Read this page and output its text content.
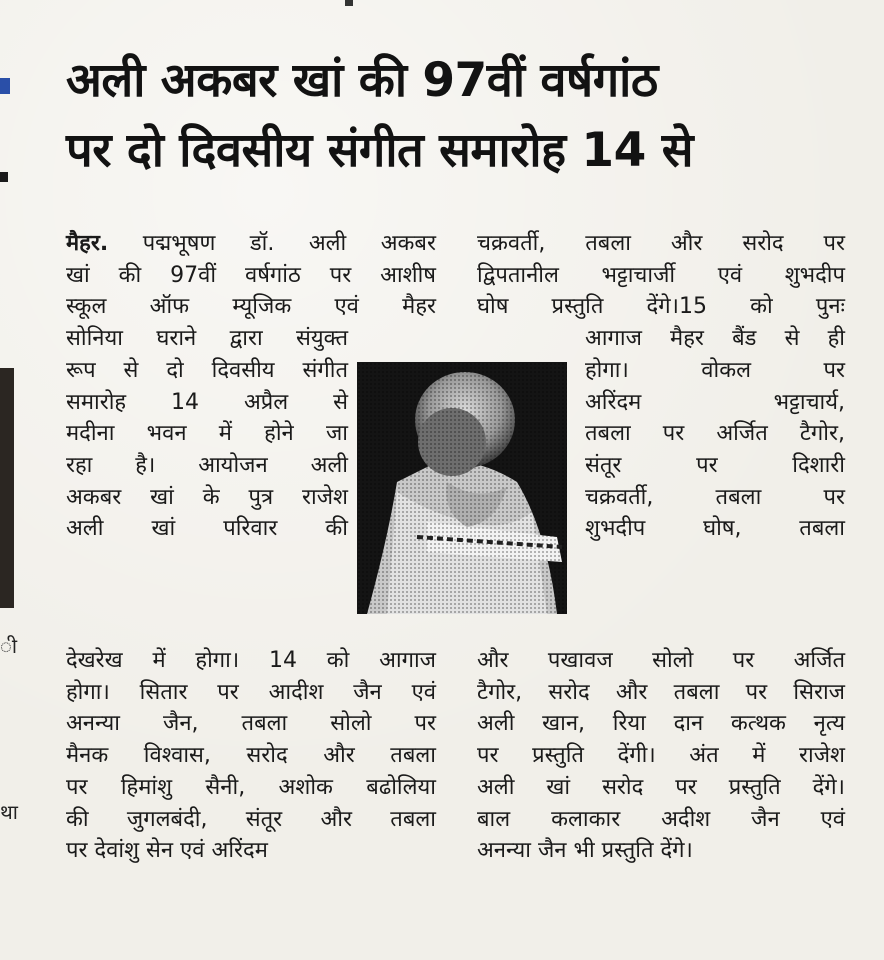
ी
था
अली अकबर खां की 97वीं वर्षगांठ
पर दो दिवसीय संगीत समारोह 14 से
मैहर. पद्मभूषण डॉ. अली अकबर
खां की 97वीं वर्षगांठ पर आशीष
स्कूल ऑफ म्यूजिक एवं मैहर
सोनिया घराने द्वारा संयुक्त
रूप से दो दिवसीय संगीत
समारोह 14 अप्रैल से
मदीना भवन में होने जा
रहा है। आयोजन अली
अकबर खां के पुत्र राजेश
अली खां परिवार की
देखरेख में होगा। 14 को आगाज
होगा। सितार पर आदीश जैन एवं
अनन्या जैन, तबला सोलो पर
मैनक विश्वास, सरोद और तबला
पर हिमांशु सैनी, अशोक बढोलिया
की जुगलबंदी, संतूर और तबला
पर देवांशु सेन एवं अरिंदम
चक्रवर्ती, तबला और सरोद पर
द्विपतानील भट्टाचार्जी एवं शुभदीप
घोष प्रस्तुति देंगे।15 को पुनः
आगाज मैहर बैंड से ही
होगा। वोकल पर
अरिंदम भट्टाचार्य,
तबला पर अर्जित टैगोर,
संतूर पर दिशारी
चक्रवर्ती, तबला पर
शुभदीप घोष, तबला
और पखावज सोलो पर अर्जित
टैगोर, सरोद और तबला पर सिराज
अली खान, रिया दान कत्थक नृत्य
पर प्रस्तुति देंगी। अंत में राजेश
अली खां सरोद पर प्रस्तुति देंगे।
बाल कलाकार अदीश जैन एवं
अनन्या जैन भी प्रस्तुति देंगे।
